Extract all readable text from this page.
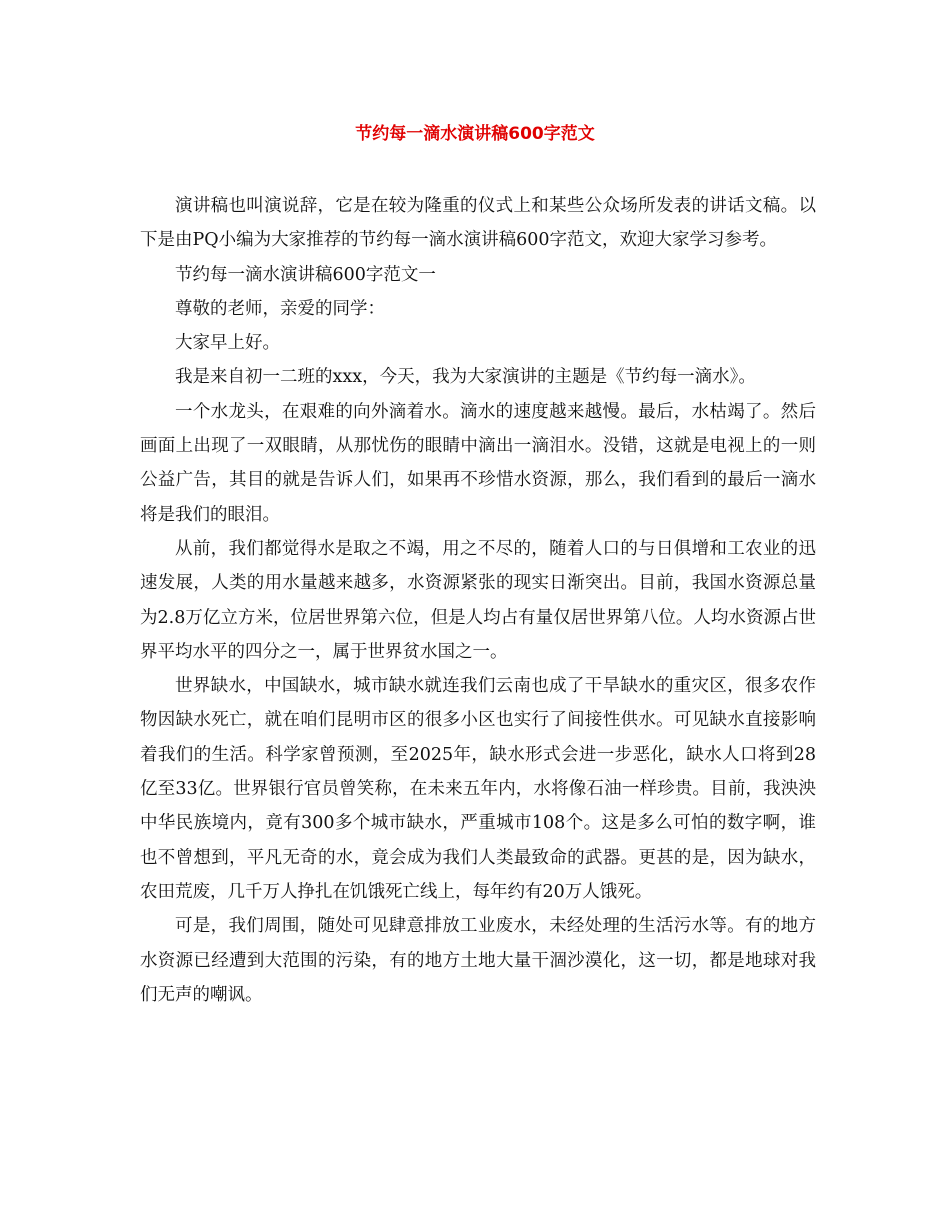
节约每一滴水演讲稿600字范文

演讲稿也叫演说辞，它是在较为隆重的仪式上和某些公众场所发表的讲话文稿。以下是由PQ小编为大家推荐的节约每一滴水演讲稿600字范文，欢迎大家学习参考。

节约每一滴水演讲稿600字范文一

尊敬的老师，亲爱的同学：

大家早上好。

我是来自初一二班的xxx，今天，我为大家演讲的主题是《节约每一滴水》。

一个水龙头，在艰难的向外滴着水。滴水的速度越来越慢。最后，水枯竭了。然后画面上出现了一双眼睛，从那忧伤的眼睛中滴出一滴泪水。没错，这就是电视上的一则公益广告，其目的就是告诉人们，如果再不珍惜水资源，那么，我们看到的最后一滴水将是我们的眼泪。

从前，我们都觉得水是取之不竭，用之不尽的，随着人口的与日俱增和工农业的迅速发展，人类的用水量越来越多，水资源紧张的现实日渐突出。目前，我国水资源总量为2.8万亿立方米，位居世界第六位，但是人均占有量仅居世界第八位。人均水资源占世界平均水平的四分之一，属于世界贫水国之一。

世界缺水，中国缺水，城市缺水就连我们云南也成了干旱缺水的重灾区，很多农作物因缺水死亡，就在咱们昆明市区的很多小区也实行了间接性供水。可见缺水直接影响着我们的生活。科学家曾预测，至2025年，缺水形式会进一步恶化，缺水人口将到28亿至33亿。世界银行官员曾笑称，在未来五年内，水将像石油一样珍贵。目前，我泱泱中华民族境内，竟有300多个城市缺水，严重城市108个。这是多么可怕的数字啊，谁也不曾想到，平凡无奇的水，竟会成为我们人类最致命的武器。更甚的是，因为缺水，农田荒废，几千万人挣扎在饥饿死亡线上，每年约有20万人饿死。

可是，我们周围，随处可见肆意排放工业废水，未经处理的生活污水等。有的地方水资源已经遭到大范围的污染，有的地方土地大量干涸沙漠化，这一切，都是地球对我们无声的嘲讽。
